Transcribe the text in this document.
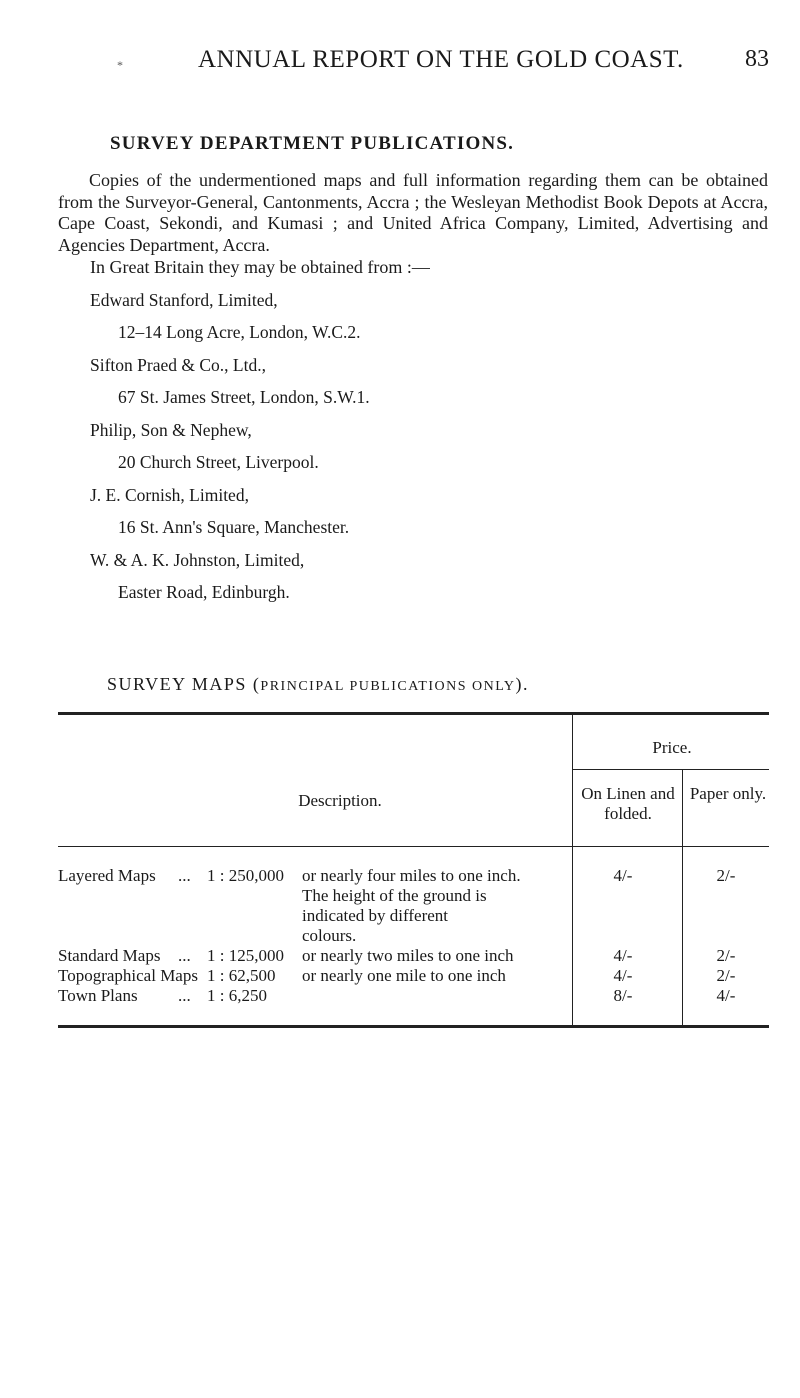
*	ANNUAL REPORT ON THE GOLD COAST.	83
SURVEY DEPARTMENT PUBLICATIONS.

Copies of the undermentioned maps and full information regarding them can be obtained from the Surveyor-General, Cantonments, Accra ; the Wesleyan Methodist Book Depots at Accra, Cape Coast, Sekondi, and Kumasi ; and United Africa Company, Limited, Advertising and Agencies Department, Accra.

In Great Britain they may be obtained from :—
Edward Stanford, Limited,
12–14 Long Acre, London, W.C.2.
Sifton Praed & Co., Ltd.,
67 St. James Street, London, S.W.1.
Philip, Son & Nephew,
20 Church Street, Liverpool.
J. E. Cornish, Limited,
16 St. Ann's Square, Manchester.
W. & A. K. Johnston, Limited,
Easter Road, Edinburgh.
SURVEY MAPS (PRINCIPAL PUBLICATIONS ONLY).
Description.
Price.
On Linen and folded.
Paper only.
Layered Maps ... 1 : 250,000 or nearly four miles to one inch.
The height of the ground is
indicated by different
colours.
4/-	2/-
Standard Maps ... 1 : 125,000 or nearly two miles to one inch	4/-	2/-
Topographical Maps 1 : 62,500 or nearly one mile to one inch	4/-	2/-
Town Plans ... 1 : 6,250	8/-	4/-
